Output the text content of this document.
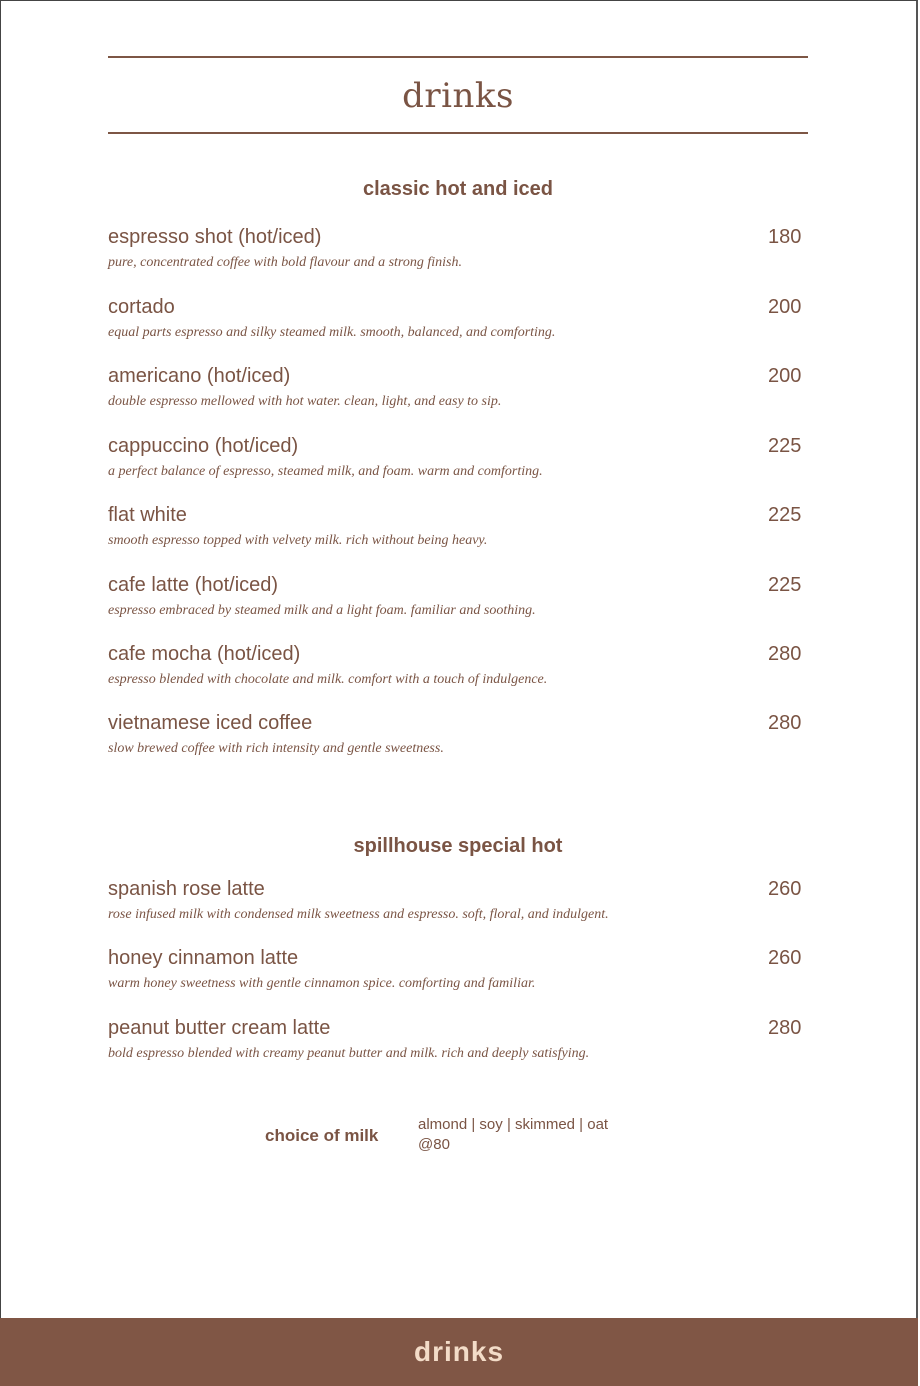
drinks
classic hot and iced
espresso shot (hot/iced)	180
pure, concentrated coffee with bold flavour and a strong finish.
cortado	200
equal parts espresso and silky steamed milk. smooth, balanced, and comforting.
americano (hot/iced)	200
double espresso mellowed with hot water. clean, light, and easy to sip.
cappuccino (hot/iced)	225
a perfect balance of espresso, steamed milk, and foam. warm and comforting.
flat white	225
smooth espresso topped with velvety milk. rich without being heavy.
cafe latte (hot/iced)	225
espresso embraced by steamed milk and a light foam. familiar and soothing.
cafe mocha (hot/iced)	280
espresso blended with chocolate and milk. comfort with a touch of indulgence.
vietnamese iced coffee	280
slow brewed coffee with rich intensity and gentle sweetness.
spillhouse special hot
spanish rose latte	260
rose infused milk with condensed milk sweetness and espresso. soft, floral, and indulgent.
honey cinnamon latte	260
warm honey sweetness with gentle cinnamon spice. comforting and familiar.
peanut butter cream latte	280
bold espresso blended with creamy peanut butter and milk. rich and deeply satisfying.
choice of milk
almond | soy | skimmed | oat
@80
drinks
